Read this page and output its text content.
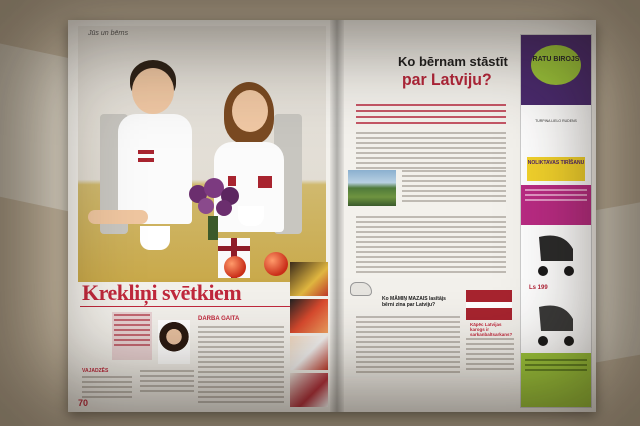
Jūs un bērns
Krekliņi svētkiem
DARBA GAITA
VAJADZĒS
70
Ko bērnam stāstīt
par Latviju?
Ko MĀMIŅ MAZAIS lasītājs bērni zina par Latviju?
Kāpēc Latvijas karogs ir sarkanbaltsarkans?
RATU BIROJS
TURPINA LIELO RUDENS
NOLIKTAVAS TIRĪŠANU
Ls 199
